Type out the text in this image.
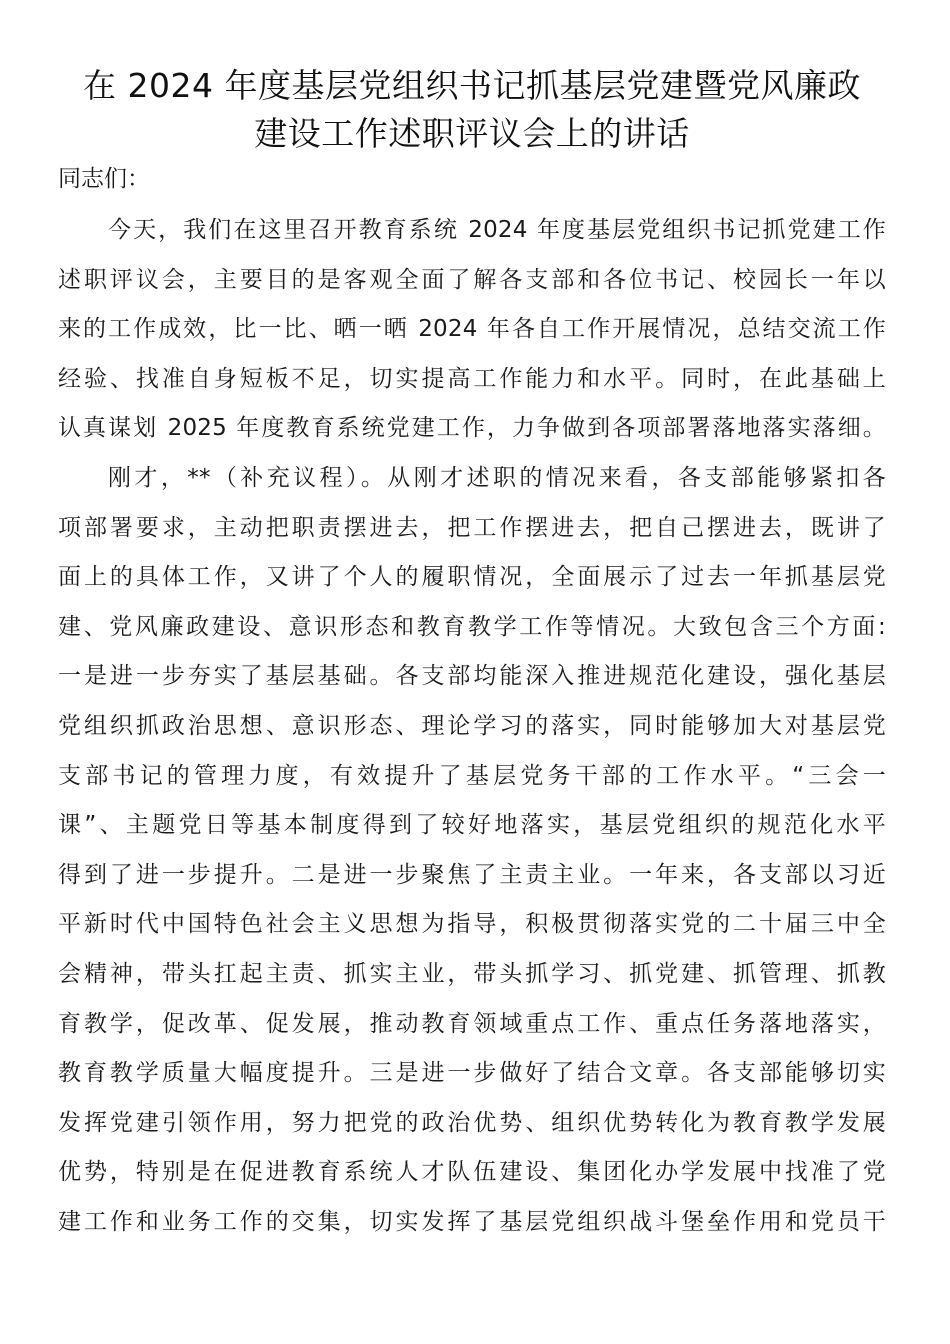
在 2024 年度基层党组织书记抓基层党建暨党风廉政
建设工作述职评议会上的讲话

同志们：

今天，我们在这里召开教育系统 2024 年度基层党组织书记抓党建工作
述职评议会，主要目的是客观全面了解各支部和各位书记、校园长一年以
来的工作成效，比一比、晒一晒 2024 年各自工作开展情况，总结交流工作
经验、找准自身短板不足，切实提高工作能力和水平。同时，在此基础上
认真谋划 2025 年度教育系统党建工作，力争做到各项部署落地落实落细。

刚才，**（补充议程）。从刚才述职的情况来看，各支部能够紧扣各
项部署要求，主动把职责摆进去，把工作摆进去，把自己摆进去，既讲了
面上的具体工作，又讲了个人的履职情况，全面展示了过去一年抓基层党
建、党风廉政建设、意识形态和教育教学工作等情况。大致包含三个方面:
一是进一步夯实了基层基础。各支部均能深入推进规范化建设，强化基层
党组织抓政治思想、意识形态、理论学习的落实，同时能够加大对基层党
支部书记的管理力度，有效提升了基层党务干部的工作水平。“三会一
课”、主题党日等基本制度得到了较好地落实，基层党组织的规范化水平
得到了进一步提升。二是进一步聚焦了主责主业。一年来，各支部以习近
平新时代中国特色社会主义思想为指导，积极贯彻落实党的二十届三中全
会精神，带头扛起主责、抓实主业，带头抓学习、抓党建、抓管理、抓教
育教学，促改革、促发展，推动教育领域重点工作、重点任务落地落实，
教育教学质量大幅度提升。三是进一步做好了结合文章。各支部能够切实
发挥党建引领作用，努力把党的政治优势、组织优势转化为教育教学发展
优势，特别是在促进教育系统人才队伍建设、集团化办学发展中找准了党
建工作和业务工作的交集，切实发挥了基层党组织战斗堡垒作用和党员干
